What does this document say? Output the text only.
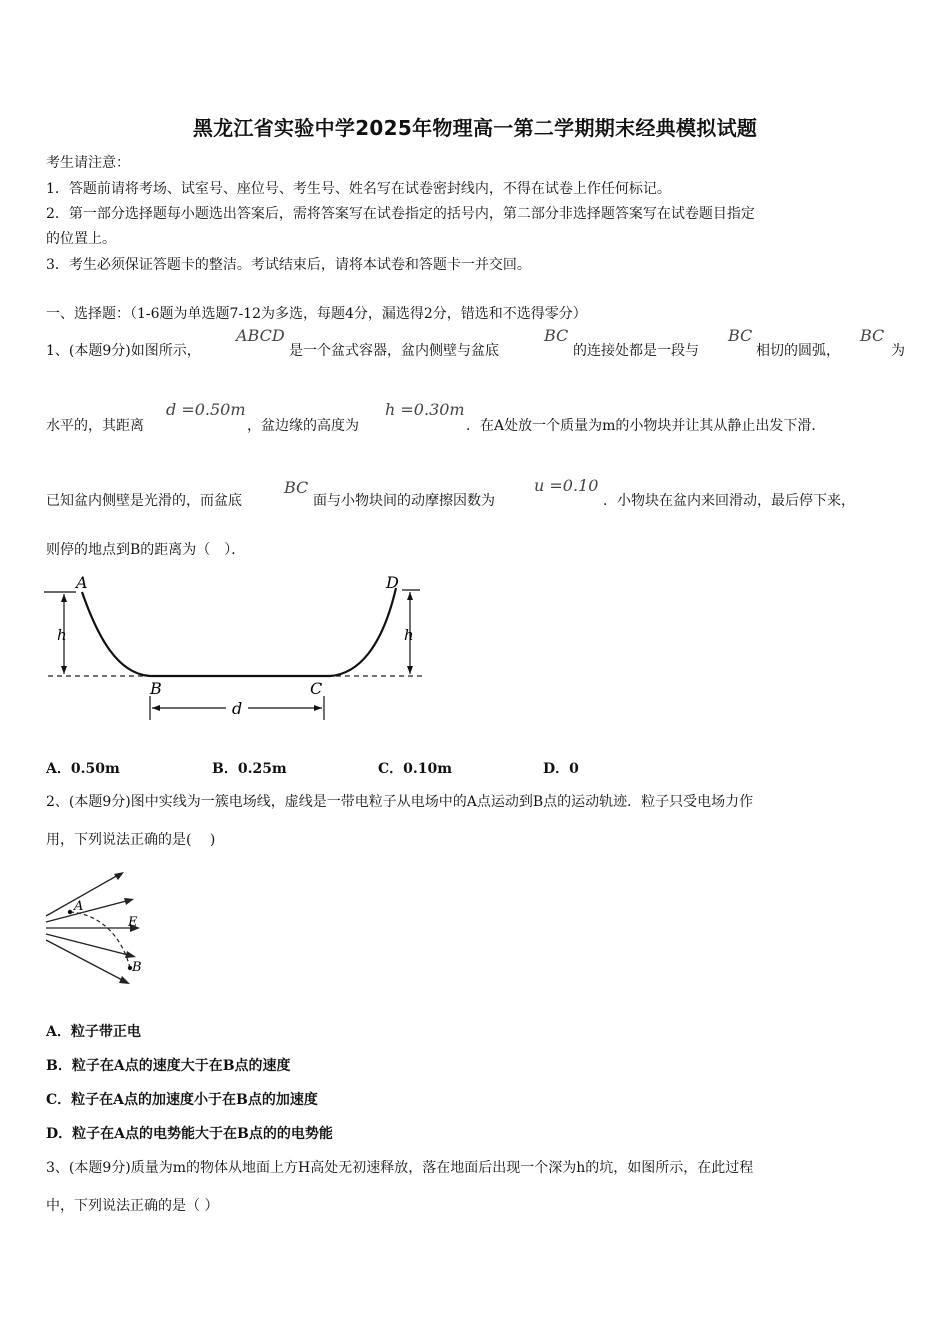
黑龙江省实验中学2025年物理高一第二学期期末经典模拟试题
考生请注意：
1．答题前请将考场、试室号、座位号、考生号、姓名写在试卷密封线内，不得在试卷上作任何标记。
2．第一部分选择题每小题选出答案后，需将答案写在试卷指定的括号内，第二部分非选择题答案写在试卷题目指定
的位置上。
3．考生必须保证答题卡的整洁。考试结束后，请将本试卷和答题卡一并交回。
一、选择题：（1-6题为单选题7-12为多选，每题4分，漏选得2分，错选和不选得零分）
1、(本题9分)如图所示，
ABCD
是一个盆式容器，盆内侧壁与盆底
BC
的连接处都是一段与
BC
相切的圆弧，
BC
为
水平的，其距离
d =0.50m
，盆边缘的高度为
h =0.30m
．在A处放一个质量为m的小物块并让其从静止出发下滑．
已知盆内侧壁是光滑的，而盆底
BC
面与小物块间的动摩擦因数为
u =0.10
．小物块在盆内来回滑动，最后停下来，
则停的地点到B的距离为（　）．
A	D
B	C
h	h
d
A．0.50m	B．0.25m	C．0.10m	D．0
2、(本题9分)图中实线为一簇电场线，虚线是一带电粒子从电场中的A点运动到B点的运动轨迹．粒子只受电场力作
用，下列说法正确的是(　 )
A
E
B
A．粒子带正电
B．粒子在A点的速度大于在B点的速度
C．粒子在A点的加速度小于在B点的加速度
D．粒子在A点的电势能大于在B点的的电势能
3、(本题9分)质量为m的物体从地面上方H高处无初速释放，落在地面后出现一个深为h的坑，如图所示，在此过程
中，下列说法正确的是（ ）
